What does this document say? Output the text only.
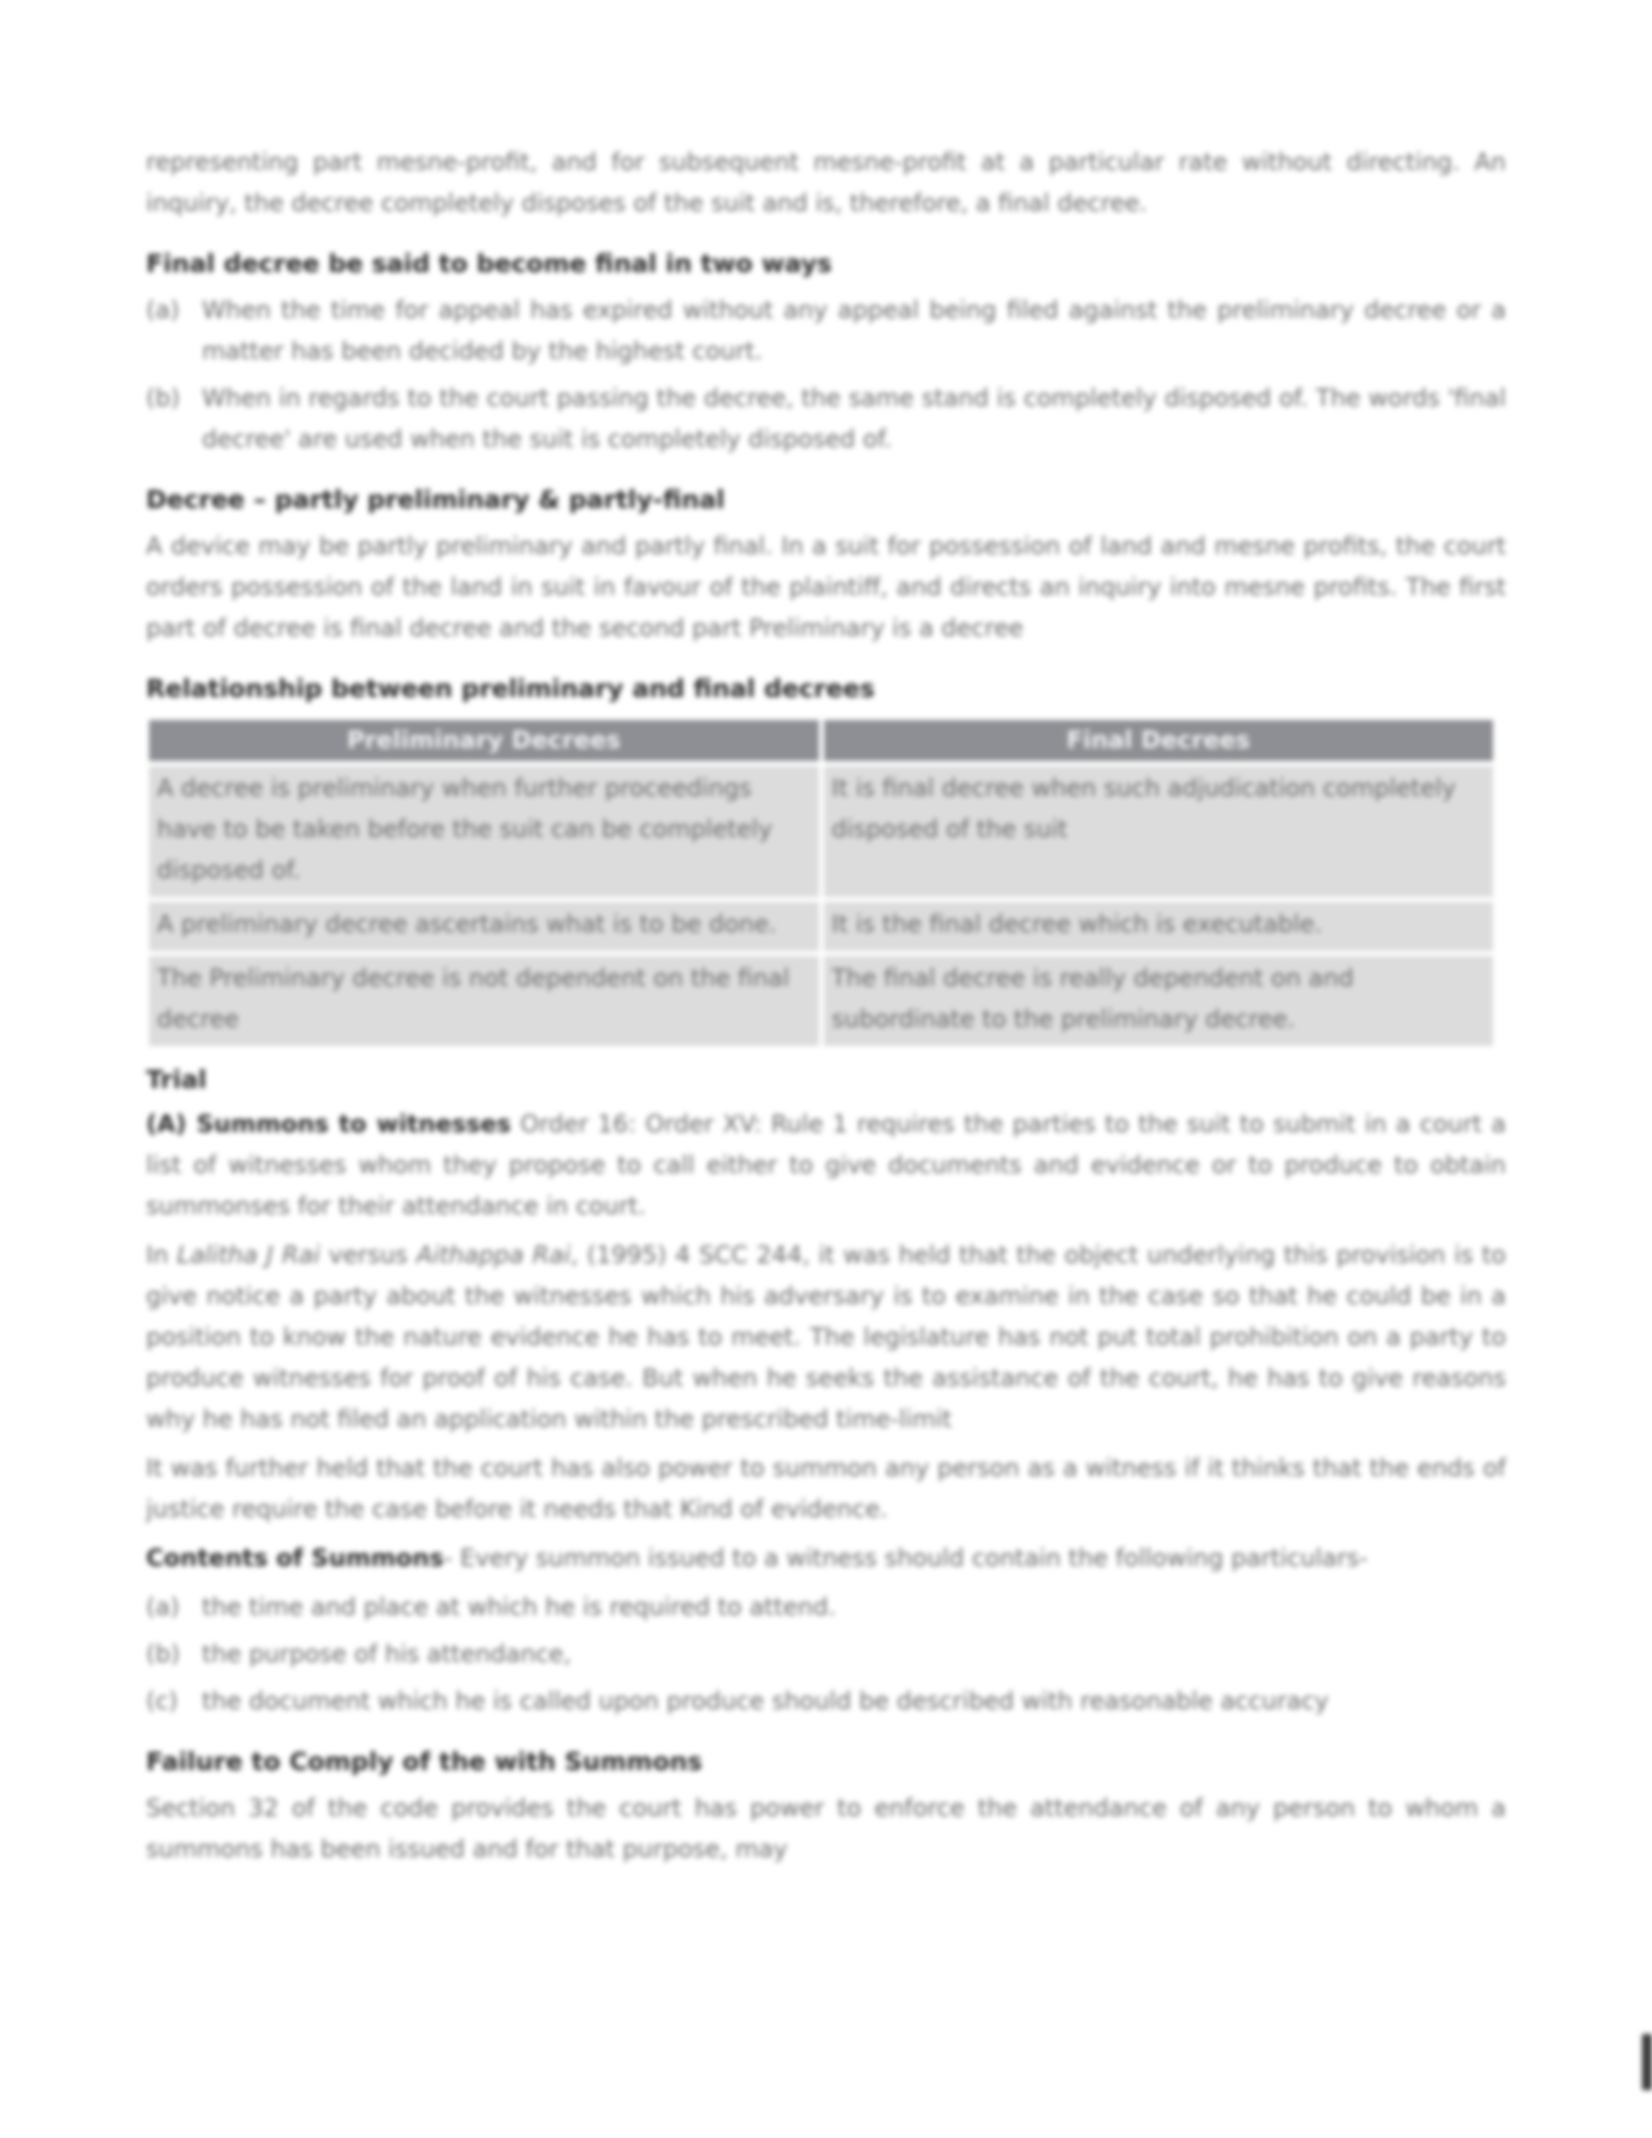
representing part mesne-profit, and for subsequent mesne-profit at a particular rate without directing. An inquiry, the decree completely disposes of the suit and is, therefore, a final decree.

Final decree be said to become final in two ways
(a) When the time for appeal has expired without any appeal being filed against the preliminary decree or a matter has been decided by the highest court.
(b) When in regards to the court passing the decree, the same stand is completely disposed of. The words 'final decree' are used when the suit is completely disposed of.
Decree – partly preliminary & partly-final

A device may be partly preliminary and partly final. In a suit for possession of land and mesne profits, the court orders possession of the land in suit in favour of the plaintiff, and directs an inquiry into mesne profits. The first part of decree is final decree and the second part Preliminary is a decree

Relationship between preliminary and final decrees
Preliminary Decrees	Final Decrees
A decree is preliminary when further proceedings have to be taken before the suit can be completely disposed of.	It is final decree when such adjudication completely disposed of the suit
A preliminary decree ascertains what is to be done.	It is the final decree which is executable.
The Preliminary decree is not dependent on the final decree	The final decree is really dependent on and subordinate to the preliminary decree.
Trial

(A) Summons to witnesses Order 16: Order XV: Rule 1 requires the parties to the suit to submit in a court a list of witnesses whom they propose to call either to give documents and evidence or to produce to obtain summonses for their attendance in court.

In Lalitha J Rai versus Aithappa Rai, (1995) 4 SCC 244, it was held that the object underlying this provision is to give notice a party about the witnesses which his adversary is to examine in the case so that he could be in a position to know the nature evidence he has to meet. The legislature has not put total prohibition on a party to produce witnesses for proof of his case. But when he seeks the assistance of the court, he has to give reasons why he has not filed an application within the prescribed time-limit

It was further held that the court has also power to summon any person as a witness if it thinks that the ends of justice require the case before it needs that Kind of evidence.

Contents of Summons- Every summon issued to a witness should contain the following particulars-

(a) the time and place at which he is required to attend.
(b) the purpose of his attendance,
(c)	the document which he is called upon produce should be described with reasonable accuracy
Failure to Comply of the with Summons

Section 32 of the code provides the court has power to enforce the attendance of any person to whom a summons has been issued and for that purpose, may
